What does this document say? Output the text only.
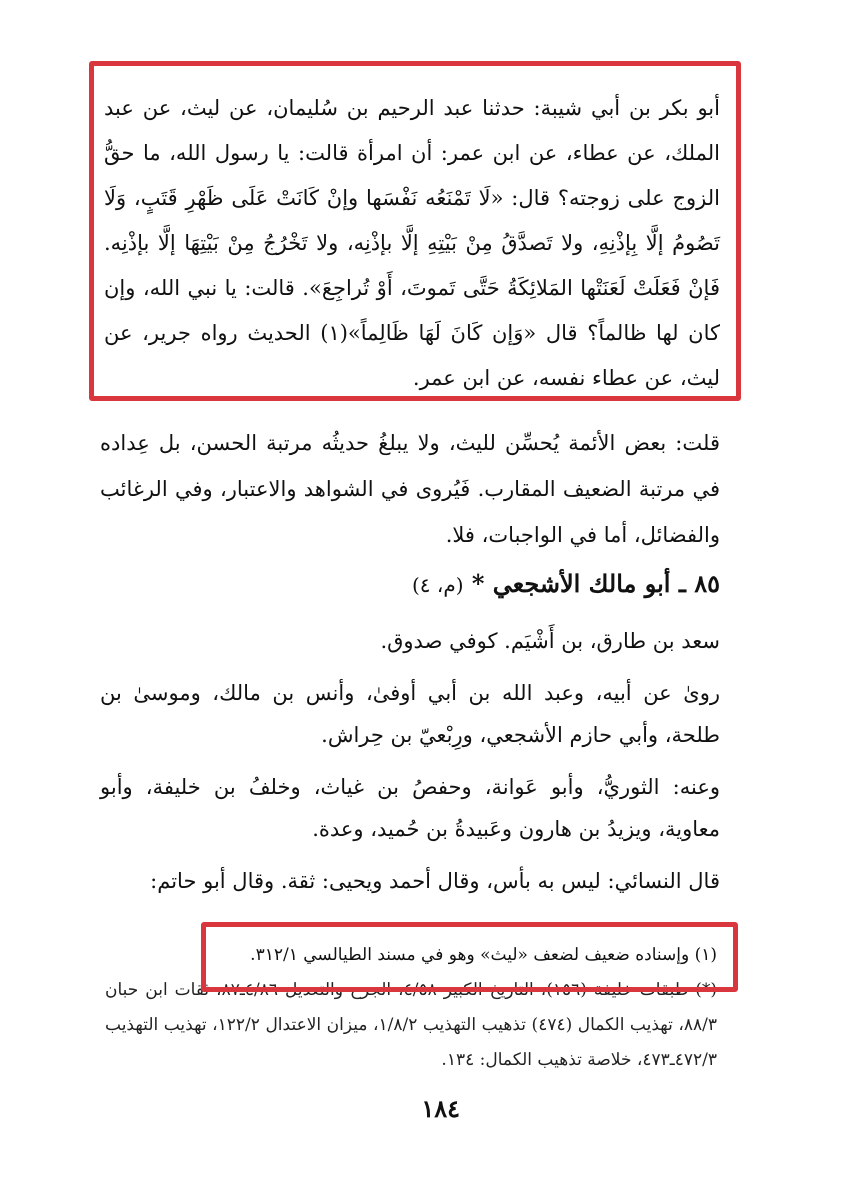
أبو بكر بن أبي شيبة: حدثنا عبد الرحيم بن سُليمان، عن ليث، عن عبد الملك، عن عطاء، عن ابن عمر: أن امرأة قالت: يا رسول الله، ما حقُّ الزوج على زوجته؟ قال: «لَا تَمْنَعُه نَفْسَها وإنْ كَانَتْ عَلَى ظَهْرِ قَتَبٍ، وَلَا تَصُومُ إلَّا بِإذْنِهِ، ولا تَصدَّقُ مِنْ بَيْتِهِ إلَّا بإذْنِه، ولا تَخْرُجُ مِنْ بَيْتِهَا إلَّا بإذْنِه. فَإنْ فَعَلَتْ لَعَنَتْها المَلائِكَةُ حَتَّى تَموتَ، أَوْ تُراجِعَ». قالت: يا نبي الله، وإن كان لها ظالماً؟ قال «وَإن كَانَ لَهَا ظَالِماً»(١) الحديث رواه جرير، عن ليث، عن عطاء نفسه، عن ابن عمر.

قلت: بعض الأئمة يُحسِّن لليث، ولا يبلغُ حديثُه مرتبة الحسن، بل عِداده في مرتبة الضعيف المقارب. فَيُروى في الشواهد والاعتبار، وفي الرغائب والفضائل، أما في الواجبات، فلا.

٨٥ ـ أبو مالك الأشجعي * (م، ٤)

سعد بن طارق، بن أَشْيَم. كوفي صدوق.

روىٰ عن أبيه، وعبد الله بن أبي أوفىٰ، وأنس بن مالك، وموسىٰ بن طلحة، وأبي حازم الأشجعي، ورِبْعيّ بن حِراش.

وعنه: الثوريُّ، وأبو عَوانة، وحفصُ بن غياث، وخلفُ بن خليفة، وأبو معاوية، ويزيدُ بن هارون وعَبيدةُ بن حُميد، وعدة.

قال النسائي: ليس به بأس، وقال أحمد ويحيى: ثقة. وقال أبو حاتم:

(١) وإسناده ضعيف لضعف «ليث» وهو في مسند الطيالسي ٣١٢/١.

(*) طبقات خليفة (١٥٦)، التاريخ الكبير ٤/٥٨، الجرح والتعديل ٤/٨٦ـ٨٧، ثقات ابن حبان ٨٨/٣، تهذيب الكمال (٤٧٤) تذهيب التهذيب ١/٨/٢، ميزان الاعتدال ١٢٢/٢، تهذيب التهذيب ٤٧٢/٣ـ٤٧٣، خلاصة تذهيب الكمال: ١٣٤.

١٨٤
